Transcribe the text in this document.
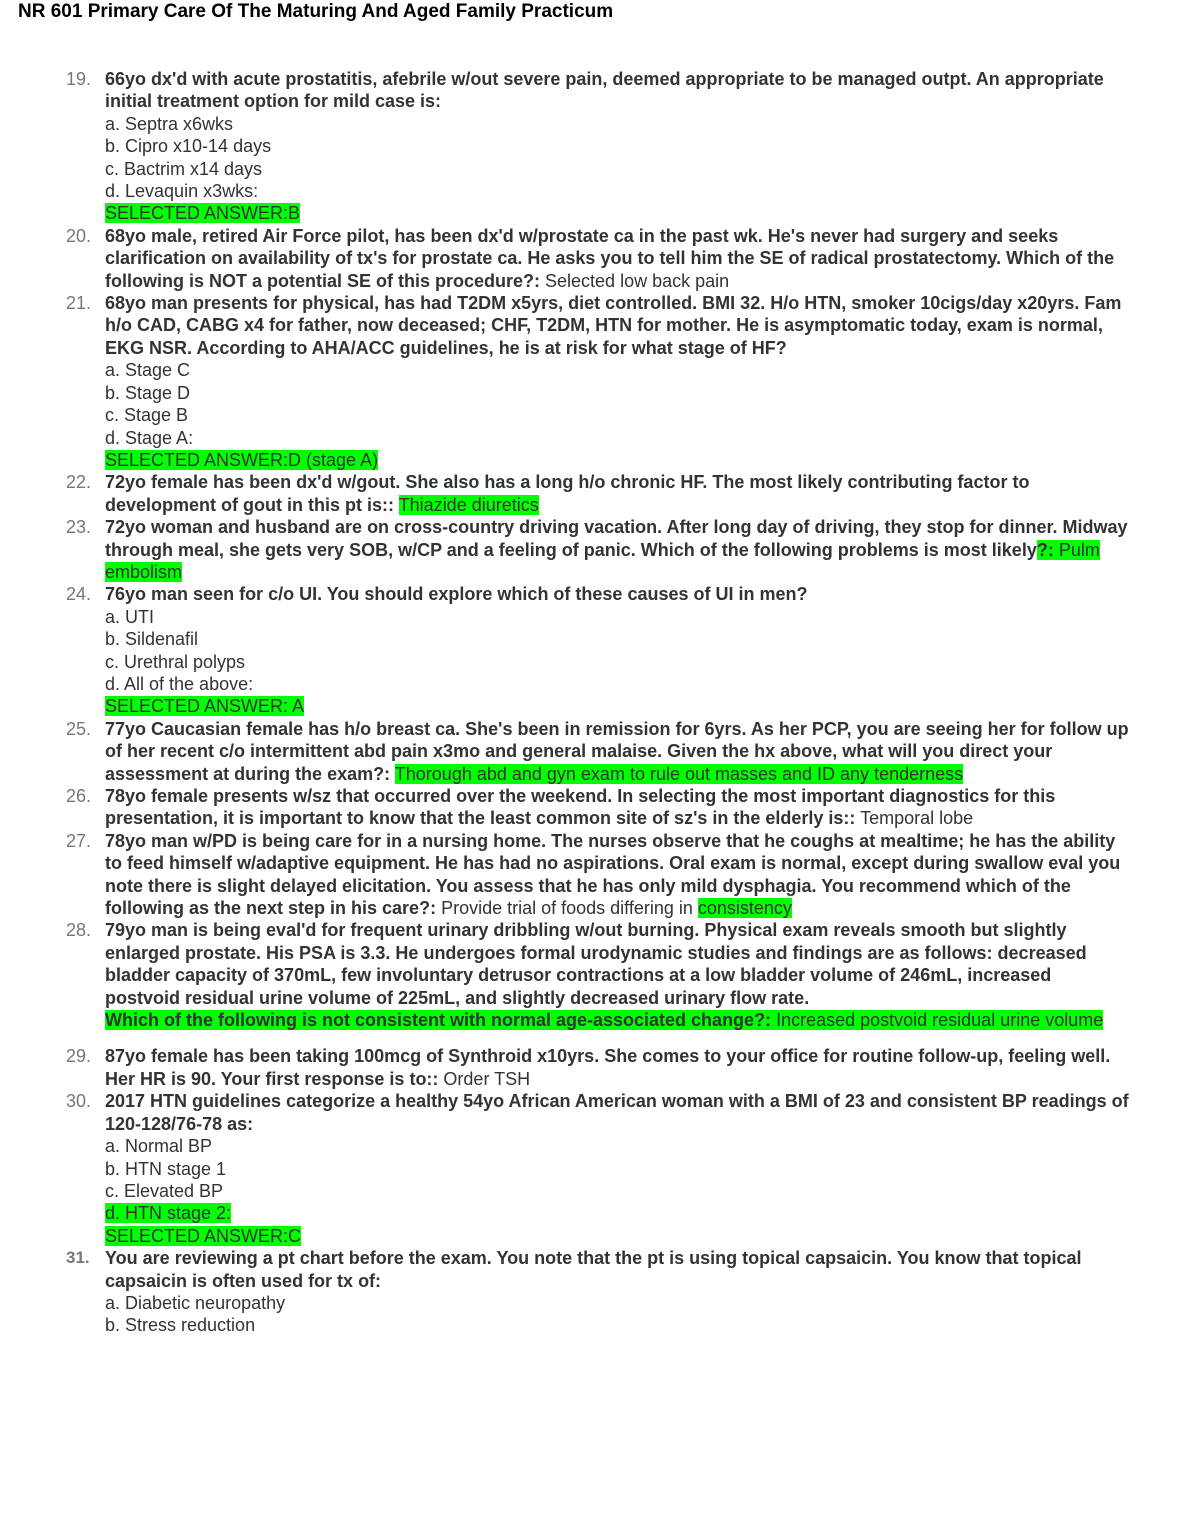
NR 601 Primary Care Of The Maturing And Aged Family Practicum
19. 66yo dx'd with acute prostatitis, afebrile w/out severe pain, deemed appropriate to be managed outpt. An appropriate initial treatment option for mild case is:
a. Septra x6wks
b. Cipro x10-14 days
c. Bactrim x14 days
d. Levaquin x3wks:
SELECTED ANSWER:B
20. 68yo male, retired Air Force pilot, has been dx'd w/prostate ca in the past wk. He's never had surgery and seeks clarification on availability of tx's for prostate ca. He asks you to tell him the SE of radical prostatectomy. Which of the following is NOT a potential SE of this procedure?: Selected low back pain
21. 68yo man presents for physical, has had T2DM x5yrs, diet controlled. BMI 32. H/o HTN, smoker 10cigs/day x20yrs. Fam h/o CAD, CABG x4 for father, now deceased; CHF, T2DM, HTN for mother. He is asymptomatic today, exam is normal, EKG NSR. According to AHA/ACC guidelines, he is at risk for what stage of HF?
a. Stage C
b. Stage D
c. Stage B
d. Stage A:
SELECTED ANSWER:D (stage A)
22. 72yo female has been dx'd w/gout. She also has a long h/o chronic HF. The most likely contributing factor to development of gout in this pt is:: Thiazide diuretics
23. 72yo woman and husband are on cross-country driving vacation. After long day of driving, they stop for dinner. Midway through meal, she gets very SOB, w/CP and a feeling of panic. Which of the following problems is most likely?: Pulm embolism
24. 76yo man seen for c/o UI. You should explore which of these causes of UI in men?
a. UTI
b. Sildenafil
c. Urethral polyps
d. All of the above:
SELECTED ANSWER: A
25. 77yo Caucasian female has h/o breast ca. She's been in remission for 6yrs. As her PCP, you are seeing her for follow up of her recent c/o intermittent abd pain x3mo and general malaise. Given the hx above, what will you direct your assessment at during the exam?: Thorough abd and gyn exam to rule out masses and ID any tenderness
26. 78yo female presents w/sz that occurred over the weekend. In selecting the most important diagnostics for this presentation, it is important to know that the least common site of sz's in the elderly is:: Temporal lobe
27. 78yo man w/PD is being care for in a nursing home. The nurses observe that he coughs at mealtime; he has the ability to feed himself w/adaptive equipment. He has had no aspirations. Oral exam is normal, except during swallow eval you note there is slight delayed elicitation. You assess that he has only mild dysphagia. You recommend which of the following as the next step in his care?: Provide trial of foods differing in consistency
28. 79yo man is being eval'd for frequent urinary dribbling w/out burning. Physical exam reveals smooth but slightly enlarged prostate. His PSA is 3.3. He undergoes formal urodynamic studies and findings are as follows: decreased bladder capacity of 370mL, few involuntary detrusor contractions at a low bladder volume of 246mL, increased postvoid residual urine volume of 225mL, and slightly decreased urinary flow rate.
Which of the following is not consistent with normal age-associated change?: Increased postvoid residual urine volume
29. 87yo female has been taking 100mcg of Synthroid x10yrs. She comes to your office for routine follow-up, feeling well. Her HR is 90. Your first response is to:: Order TSH
30. 2017 HTN guidelines categorize a healthy 54yo African American woman with a BMI of 23 and consistent BP readings of 120-128/76-78 as:
a. Normal BP
b. HTN stage 1
c. Elevated BP
d. HTN stage 2:
SELECTED ANSWER:C
31. You are reviewing a pt chart before the exam. You note that the pt is using topical capsaicin. You know that topical capsaicin is often used for tx of:
a. Diabetic neuropathy
b. Stress reduction
